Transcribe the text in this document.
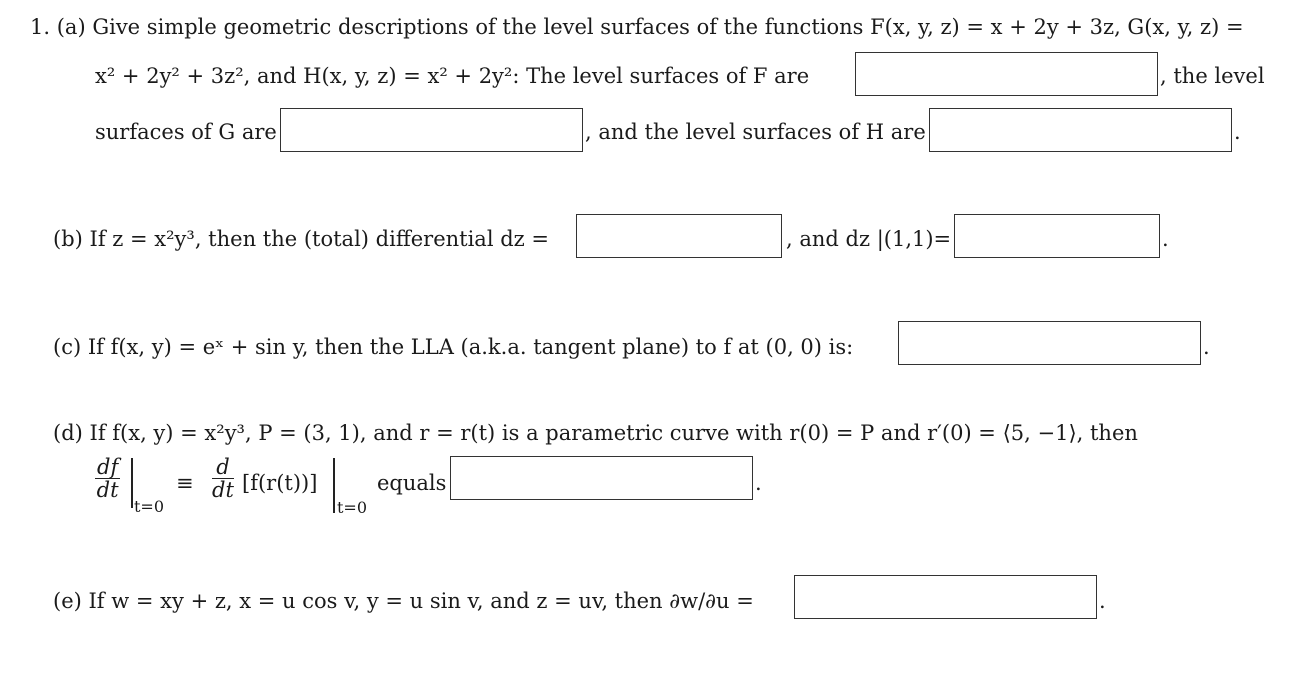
1. (a) Give simple geometric descriptions of the level surfaces of the functions F(x, y, z) = x + 2y + 3z, G(x, y, z) =
x² + 2y² + 3z², and H(x, y, z) = x² + 2y²: The level surfaces of F are	, the level
surfaces of G are	, and the level surfaces of H are	.
(b) If z = x²y³, then the (total) differential dz =	, and dz |(1,1)=	.
(c) If f(x, y) = eˣ + sin y, then the LLA (a.k.a. tangent plane) to f at (0, 0) is:	.
(d) If f(x, y) = x²y³, P = (3, 1), and r = r(t) is a parametric curve with r(0) = P and r′(0) = ⟨5, −1⟩, then
$\frac{df}{dt}$
t=0
≡ $\frac{d}{dt} [f(r(t))]$
t=0
equals	.
(e) If w = xy + z, x = u cos v, y = u sin v, and z = uv, then ∂w/∂u =	.
